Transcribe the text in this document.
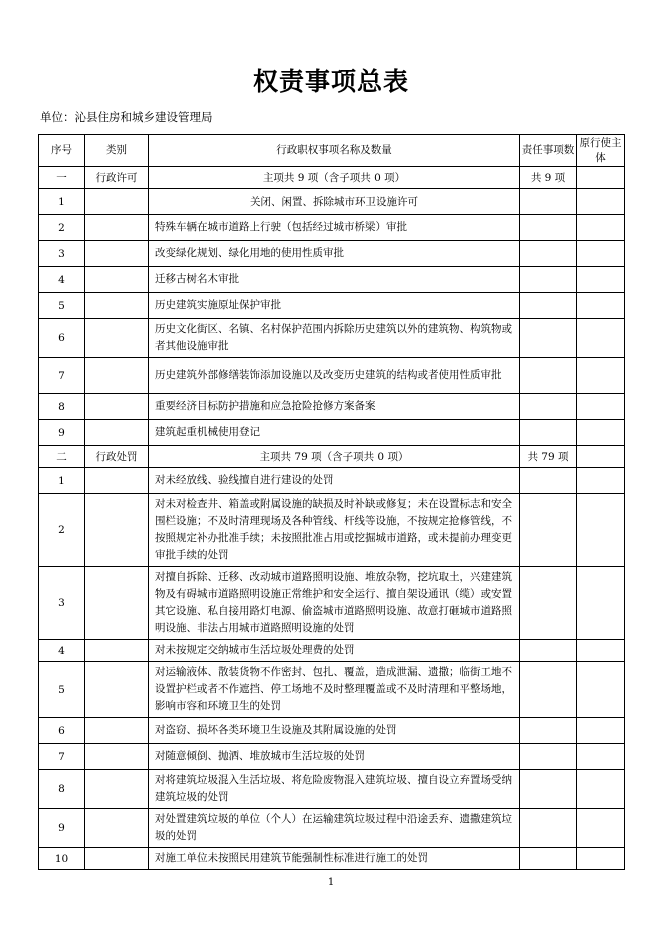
权责事项总表
单位：沁县住房和城乡建设管理局
序号	类别	行政职权事项名称及数量	责任事项数	原行使主体
一	行政许可	主项共 9 项（含子项共 0 项）	共 9 项	
1		关闭、闲置、拆除城市环卫设施许可		
2		特殊车辆在城市道路上行驶（包括经过城市桥梁）审批		
3		改变绿化规划、绿化用地的使用性质审批		
4		迁移古树名木审批		
5		历史建筑实施原址保护审批		
6		历史文化街区、名镇、名村保护范围内拆除历史建筑以外的建筑物、构筑物或者其他设施审批		
7		历史建筑外部修缮装饰添加设施以及改变历史建筑的结构或者使用性质审批		
8		重要经济目标防护措施和应急抢险抢修方案备案		
9		建筑起重机械使用登记		
二	行政处罚	主项共 79 项（含子项共 0 项）	共 79 项	
1		对未经放线、验线擅自进行建设的处罚		
2		对未对检查井、箱盖或附属设施的缺损及时补缺或修复；未在设置标志和安全围栏设施；不及时清理现场及各种管线、杆线等设施，不按规定抢修管线，不按照规定补办批准手续；未按照批准占用或挖掘城市道路，或未提前办理变更审批手续的处罚		
3		对擅自拆除、迁移、改动城市道路照明设施、堆放杂物，挖坑取土，兴建建筑物及有碍城市道路照明设施正常维护和安全运行、擅自架设通讯（缆）或安置其它设施、私自接用路灯电源、偷盗城市道路照明设施、故意打砸城市道路照明设施、非法占用城市道路照明设施的处罚		
4		对未按规定交纳城市生活垃圾处理费的处罚		
5		对运输液体、散装货物不作密封、包扎、覆盖，造成泄漏、遗撒；临街工地不设置护栏或者不作遮挡、停工场地不及时整理覆盖或不及时清理和平整场地，影响市容和环境卫生的处罚		
6		对盗窃、损坏各类环境卫生设施及其附属设施的处罚		
7		对随意倾倒、抛洒、堆放城市生活垃圾的处罚		
8		对将建筑垃圾混入生活垃圾、将危险废物混入建筑垃圾、擅自设立弃置场受纳建筑垃圾的处罚		
9		对处置建筑垃圾的单位（个人）在运输建筑垃圾过程中沿途丢弃、遗撒建筑垃圾的处罚		
10		对施工单位未按照民用建筑节能强制性标准进行施工的处罚		
1
